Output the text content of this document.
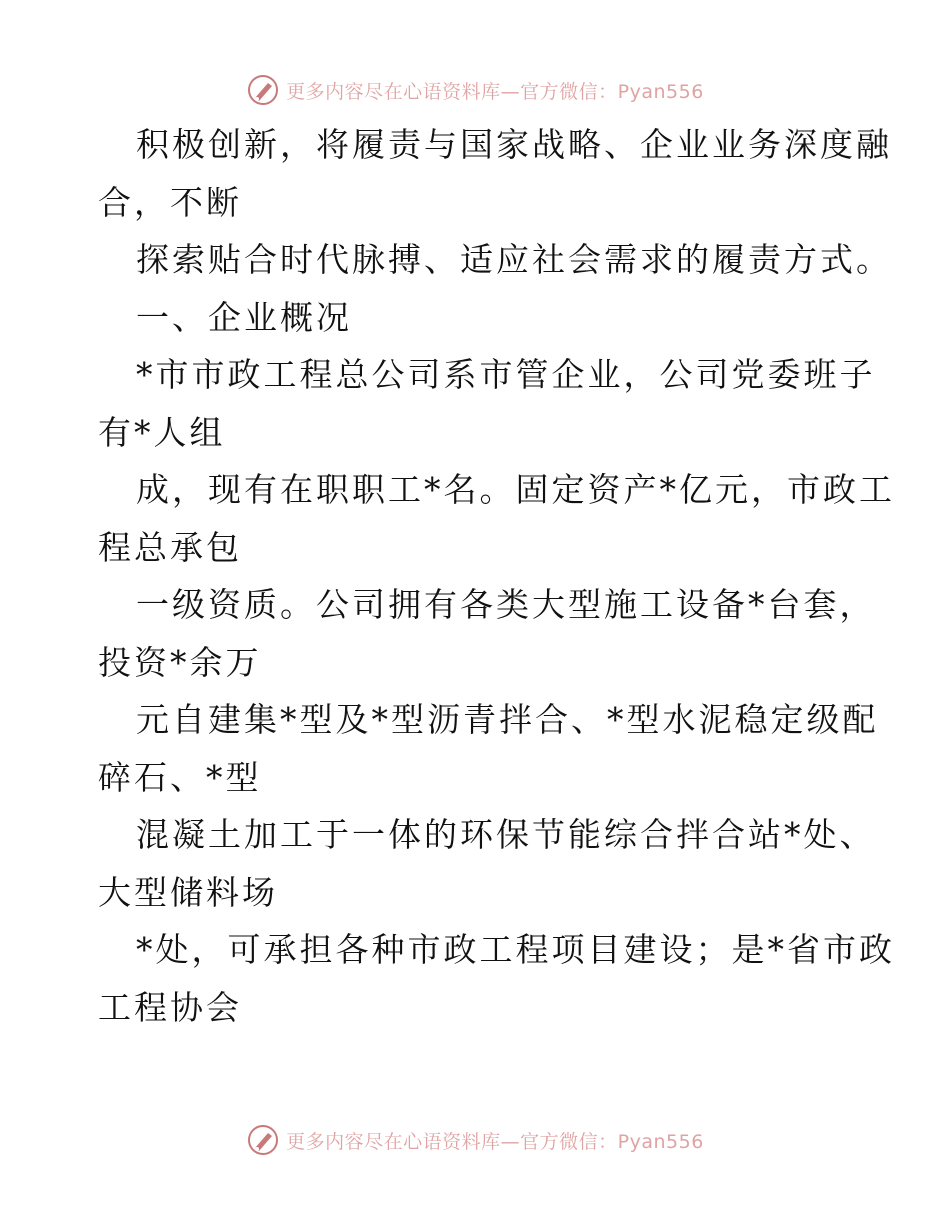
更多内容尽在心语资料库—官方微信：Pyan556
积极创新，将履责与国家战略、企业业务深度融
合，不断
探索贴合时代脉搏、适应社会需求的履责方式。
一、企业概况
*市市政工程总公司系市管企业，公司党委班子
有*人组
成，现有在职职工*名。固定资产*亿元，市政工
程总承包
一级资质。公司拥有各类大型施工设备*台套，
投资*余万
元自建集*型及*型沥青拌合、*型水泥稳定级配
碎石、*型
混凝土加工于一体的环保节能综合拌合站*处、
大型储料场
*处，可承担各种市政工程项目建设；是*省市政
工程协会
更多内容尽在心语资料库—官方微信：Pyan556
